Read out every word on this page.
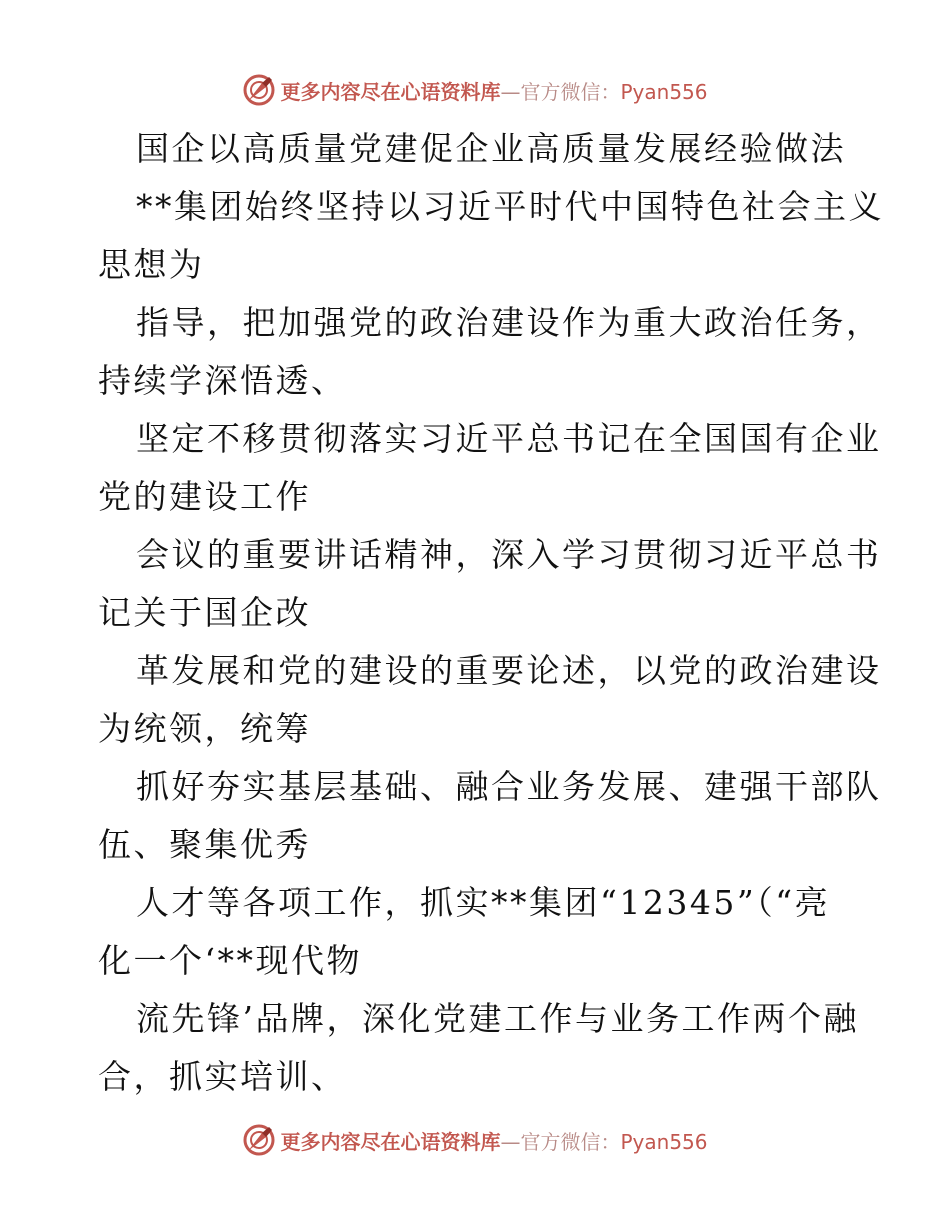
更多内容尽在心语资料库—官方微信：Pyan556
国企以高质量党建促企业高质量发展经验做法
**集团始终坚持以习近平时代中国特色社会主义
思想为
指导，把加强党的政治建设作为重大政治任务，
持续学深悟透、
坚定不移贯彻落实习近平总书记在全国国有企业
党的建设工作
会议的重要讲话精神，深入学习贯彻习近平总书
记关于国企改
革发展和党的建设的重要论述，以党的政治建设
为统领，统筹
抓好夯实基层基础、融合业务发展、建强干部队
伍、聚集优秀
人才等各项工作，抓实**集团“12345”（“亮
化一个‘**现代物
流先锋’品牌，深化党建工作与业务工作两个融
合，抓实培训、
更多内容尽在心语资料库—官方微信：Pyan556
